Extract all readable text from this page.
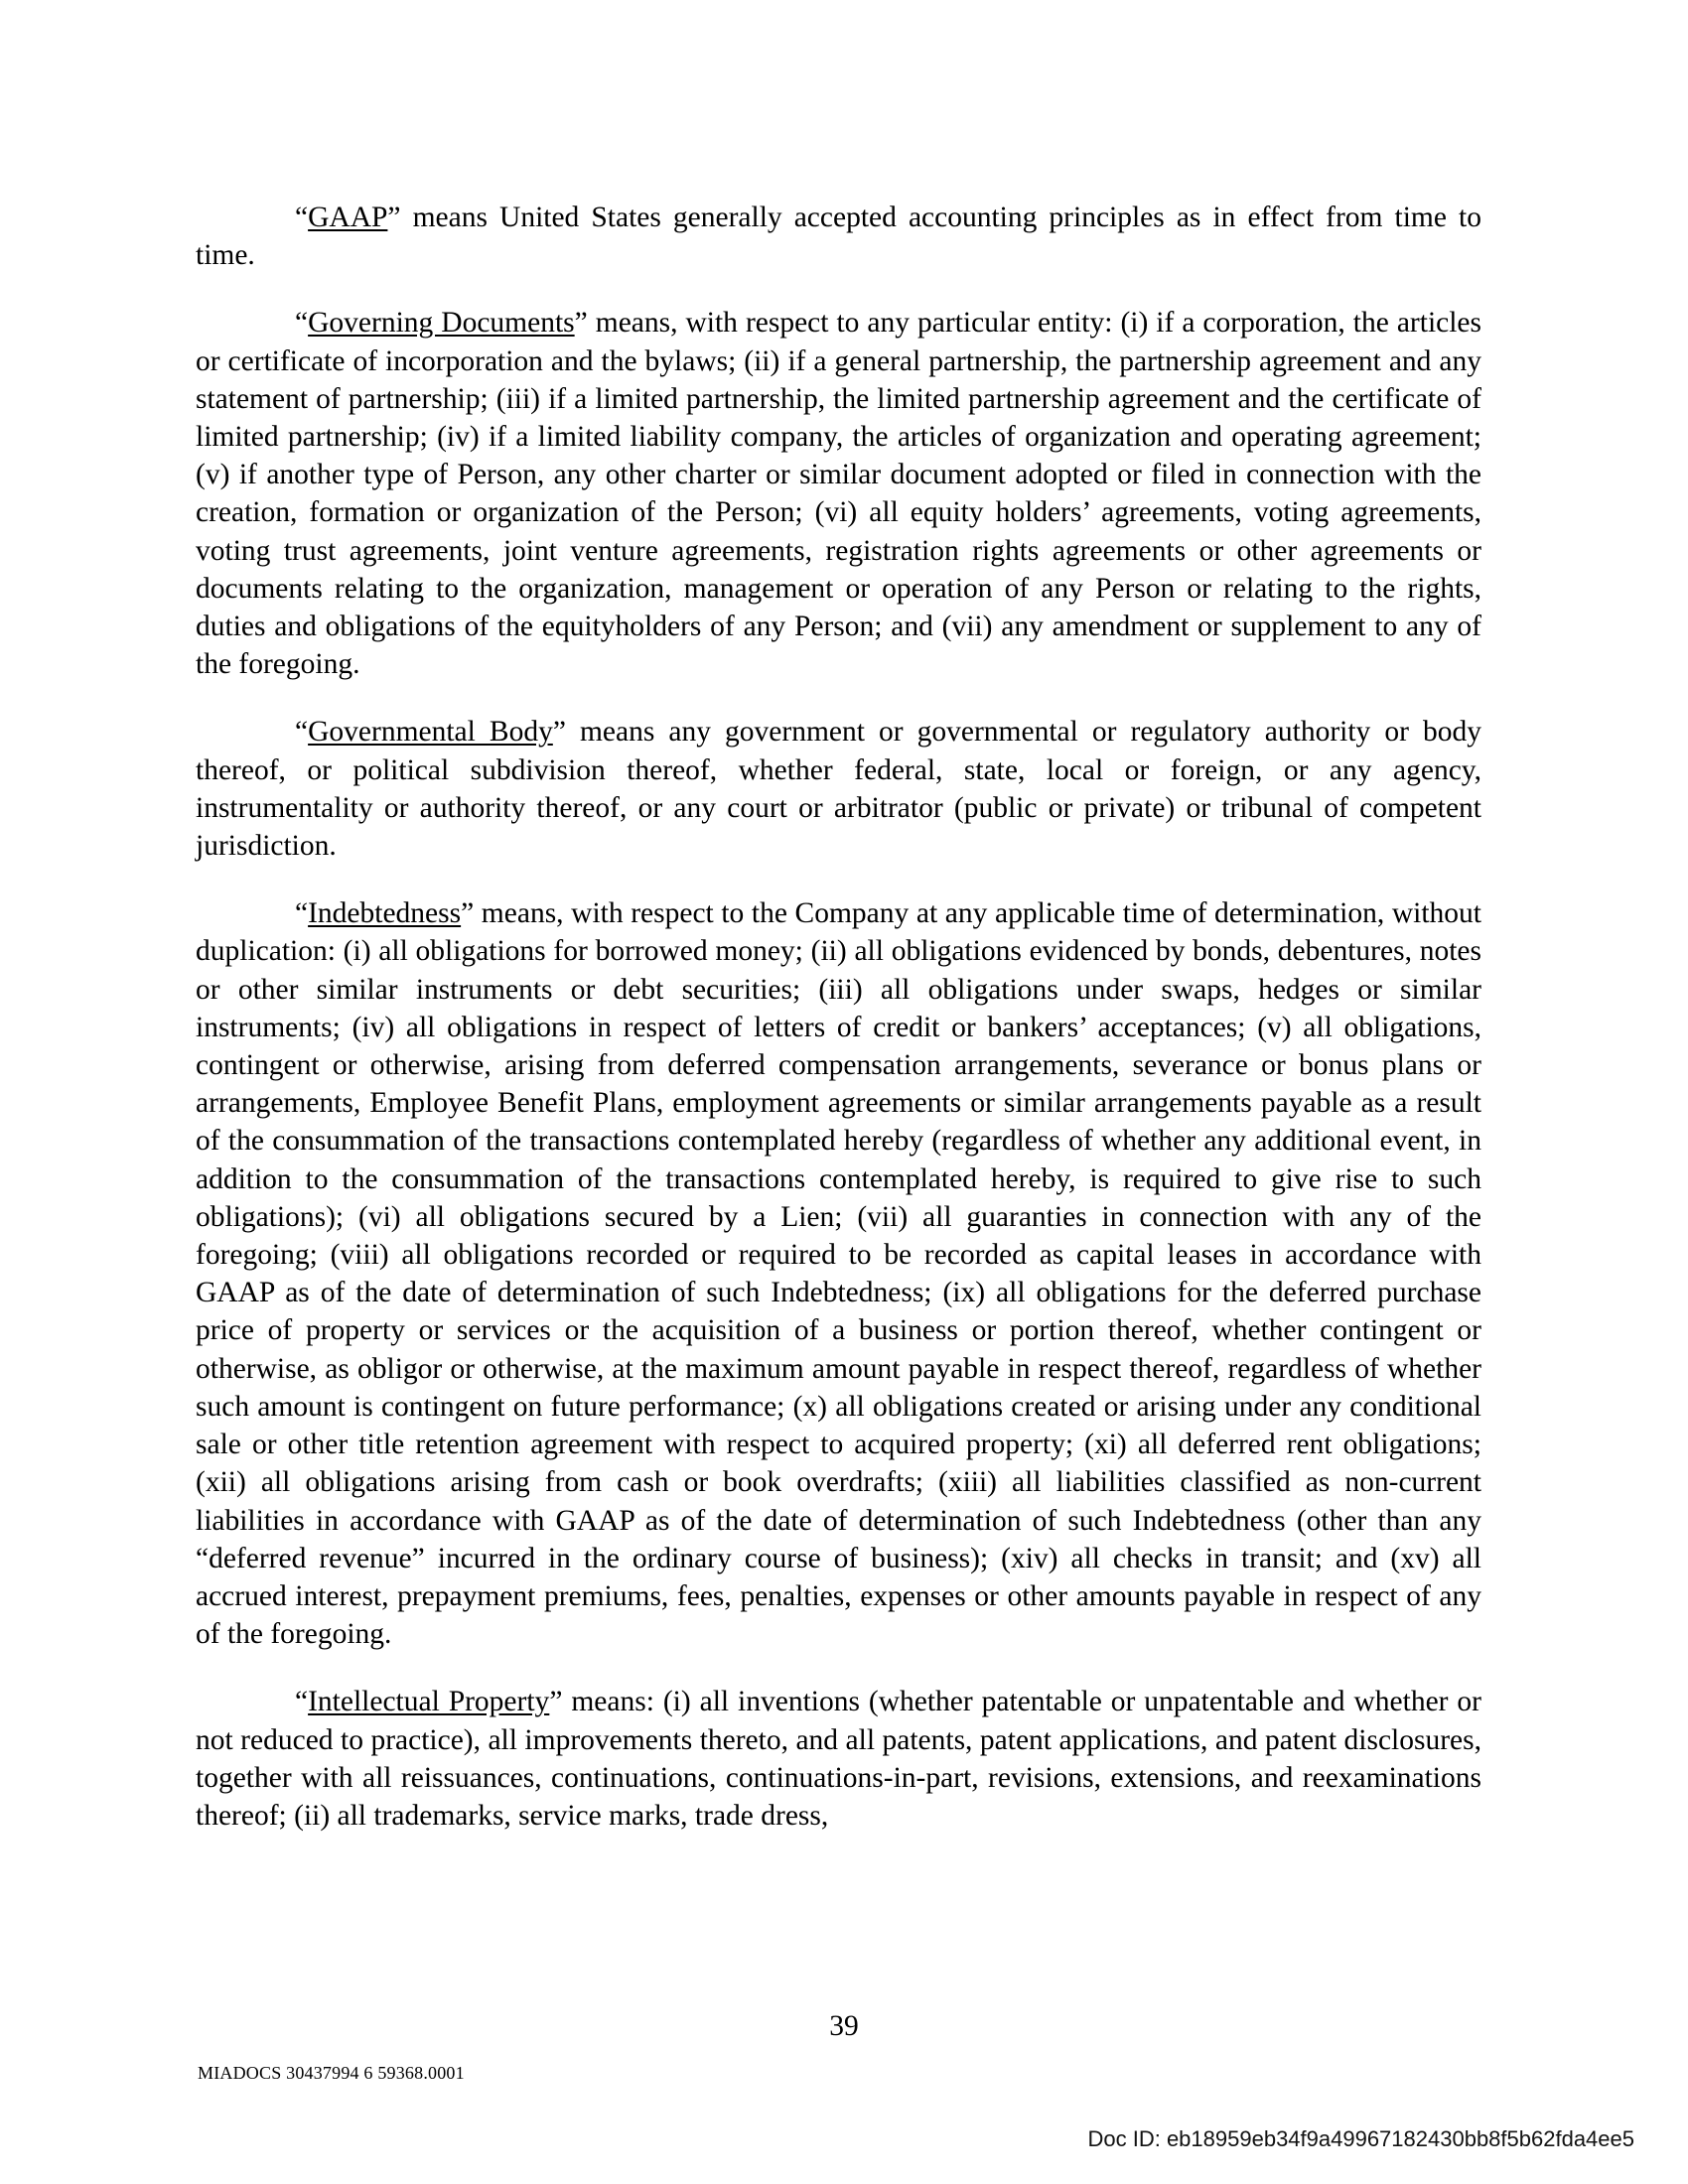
“GAAP” means United States generally accepted accounting principles as in effect from time to time.

“Governing Documents” means, with respect to any particular entity: (i) if a corporation, the articles or certificate of incorporation and the bylaws; (ii) if a general partnership, the partnership agreement and any statement of partnership; (iii) if a limited partnership, the limited partnership agreement and the certificate of limited partnership; (iv) if a limited liability company, the articles of organization and operating agreement; (v) if another type of Person, any other charter or similar document adopted or filed in connection with the creation, formation or organization of the Person; (vi) all equity holders’ agreements, voting agreements, voting trust agreements, joint venture agreements, registration rights agreements or other agreements or documents relating to the organization, management or operation of any Person or relating to the rights, duties and obligations of the equityholders of any Person; and (vii) any amendment or supplement to any of the foregoing.

“Governmental Body” means any government or governmental or regulatory authority or body thereof, or political subdivision thereof, whether federal, state, local or foreign, or any agency, instrumentality or authority thereof, or any court or arbitrator (public or private) or tribunal of competent jurisdiction.

“Indebtedness” means, with respect to the Company at any applicable time of determination, without duplication: (i) all obligations for borrowed money; (ii) all obligations evidenced by bonds, debentures, notes or other similar instruments or debt securities; (iii) all obligations under swaps, hedges or similar instruments; (iv) all obligations in respect of letters of credit or bankers’ acceptances; (v) all obligations, contingent or otherwise, arising from deferred compensation arrangements, severance or bonus plans or arrangements, Employee Benefit Plans, employment agreements or similar arrangements payable as a result of the consummation of the transactions contemplated hereby (regardless of whether any additional event, in addition to the consummation of the transactions contemplated hereby, is required to give rise to such obligations); (vi) all obligations secured by a Lien; (vii) all guaranties in connection with any of the foregoing; (viii) all obligations recorded or required to be recorded as capital leases in accordance with GAAP as of the date of determination of such Indebtedness; (ix) all obligations for the deferred purchase price of property or services or the acquisition of a business or portion thereof, whether contingent or otherwise, as obligor or otherwise, at the maximum amount payable in respect thereof, regardless of whether such amount is contingent on future performance; (x) all obligations created or arising under any conditional sale or other title retention agreement with respect to acquired property; (xi) all deferred rent obligations; (xii) all obligations arising from cash or book overdrafts; (xiii) all liabilities classified as non-current liabilities in accordance with GAAP as of the date of determination of such Indebtedness (other than any “deferred revenue” incurred in the ordinary course of business); (xiv) all checks in transit; and (xv) all accrued interest, prepayment premiums, fees, penalties, expenses or other amounts payable in respect of any of the foregoing.

“Intellectual Property” means: (i) all inventions (whether patentable or unpatentable and whether or not reduced to practice), all improvements thereto, and all patents, patent applications, and patent disclosures, together with all reissuances, continuations, continuations-in-part, revisions, extensions, and reexaminations thereof; (ii) all trademarks, service marks, trade dress,

39
MIADOCS 30437994 6 59368.0001
Doc ID: eb18959eb34f9a49967182430bb8f5b62fda4ee5
